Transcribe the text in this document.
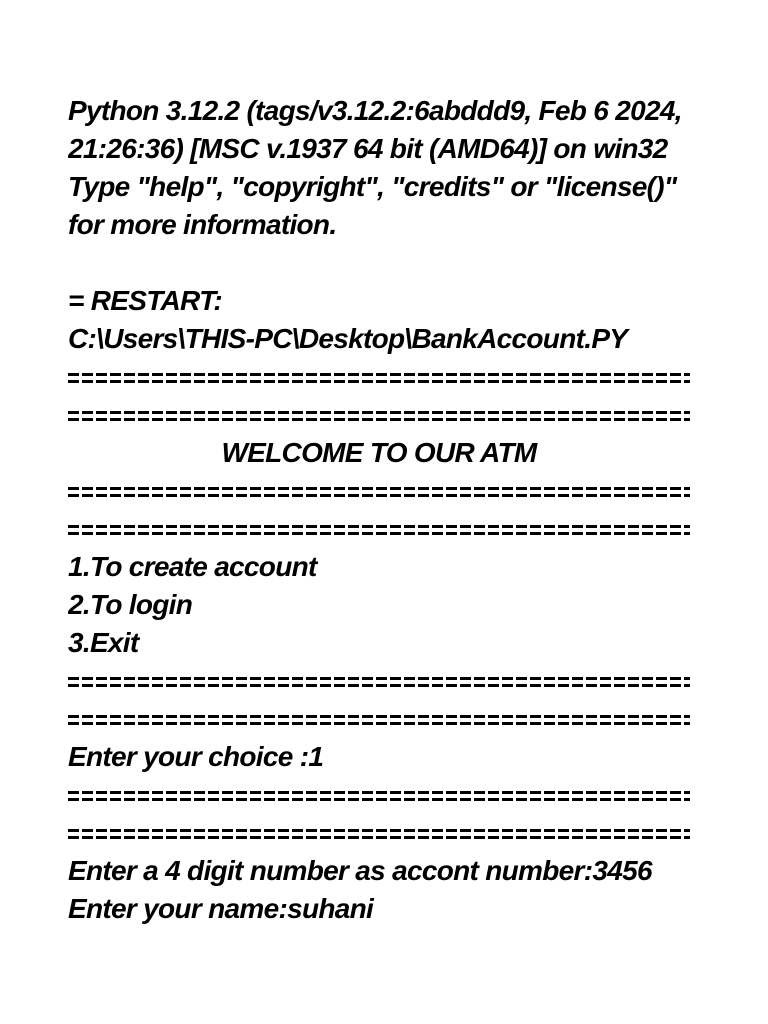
Python 3.12.2 (tags/v3.12.2:6abddd9, Feb 6 2024,
21:26:36) [MSC v.1937 64 bit (AMD64)] on win32
Type "help", "copyright", "credits" or "license()"
for more information.
= RESTART:
C:\Users\THIS-PC\Desktop\BankAccount.PY
WELCOME TO OUR ATM
1.To create account
2.To login
3.Exit
Enter your choice :1
Enter a 4 digit number as accont number:3456
Enter your name:suhani
